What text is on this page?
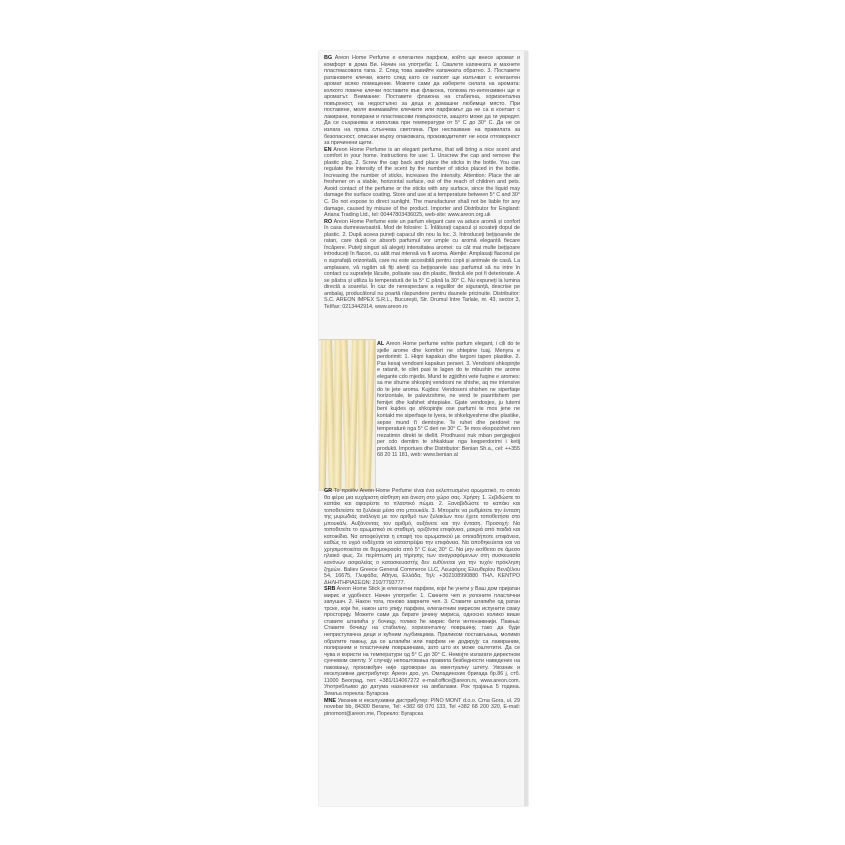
BG Areon Home Perfume е елегантен парфюм, който ще внесе аромат и комфорт в дома Ви. Начин на употреба: 1. Свалете капачката и махнете пластмасовата тапа. 2. След това завийте капачката обратно. 3. Поставете ратановите клечки, които след като се напоят ще излъчват с елегантен аромат всяко помещение. Можете сами да изберете силата на аромата: колкото повече клечки поставите във флакона, толкова по-интензивен ще е ароматът. Внимание: Поставете флакона на стабилна, хоризонтална повърхност, на недостъпно за деца и домашни любимци място. При поставяне, моля внимавайте клечките или парфюмът да не са в контакт с лакирани, полирани и пластмасови повърхности, защото може да ги увредят. Да се съхранява и използва при температури от 5° С до 30° С. Да не се излага на пряка слънчева светлина. При неспазване на правилата за безопасност, описани върху опаковката, производителят не носи отговорност за причинени щети.

EN Areon Home Perfume is an elegant perfume, that will bring a nice scent and comfort in your home. Instructions for use: 1. Unscrew the cap and remove the plastic plug. 2. Screw the cap back and place the sticks in the bottle. You can regulate the intensity of the scent by the number of sticks placed in the bottle. Increasing the number of sticks, increases the intensity. Attention: Place the air freshener on a stable, horizontal surface, out of the reach of children and pets. Avoid contact of the perfume or the sticks with any surface, since the liquid may damage the surface coating. Store and use at a temperature between 5° C and 30° C. Do not expose to direct sunlight. The manufacturer shall not be liable for any damage, caused by misuse of the product. Importer and Distributor for England: Ariana Trading Ltd., tel: 00447803436025, web-site: www.areon.org.uk

RO Areon Home Perfume este un parfum elegant care va aduce aromă și confort în casa dumneavoastră. Mod de folosire: 1. Înlăturați capacul și scoateți dopul de plastic. 2. După aceea puneți capacul din nou la loc. 3. Introduceți bețișoarele de ratan, care după ce absorb parfumul vor umple cu aromă elegantă fiecare încăpere. Puteți singuri să alegeți intensitatea aromei: cu cât mai multe bețișoare introduceți în flacon, cu atât mai intensă va fi aroma. Atenție: Amplasați flaconul pe o suprafață orizontală, care nu este accesibilă pentru copii și animale de casă. La amplasare, vă rugăm să fiți atenți ca bețișoarele sau parfumul să nu intre în contact cu suprafețe lăcuite, polisate sau din plastic, fiindcă ele pot fi deteriorate. A se păstra și utiliza la temperatură de la 5° C până la 30° C. Nu expuneți la lumina directă a soarelui. În caz de nerespectare a regulilor de siguranță, descrise pe ambalaj, producătorul nu poartă răspundere pentru daunele pricinuite. Distribuitor: S.C. AREON IMPEX S.R.L., București, Str. Drumul între Tarlale, nr. 43, sector 3, Tel/fax: 0213442914, www.areon.ro

AL Areon Home perfume eshte parfum elegant, i cili do te sjelle arome dhe komfort ne shtepine tuaj. Menyra e perdorimit: 1. Hiqni kapakun dhe largoni tapen plastike. 2. Pas kesaj vendosni kapakun perseri. 3. Vendosni shkopinjte e ratanit, te cilet pasi te lagen do te mbushin me arome elegante cdo mjedis. Mund te zgjidhni vete fuqine e aromes: sa me shume shkopinj vendosni ne shishe, aq me intensive do te jete aroma. Kujdes: Vendoseni shishen ne siperfaqe horizontale, te palevizshme, ne vend te paarritshem per femijet dhe kafshet shtepiake. Gjate vendosjes, ju lutemi beni kujdes qe shkopinjte ose parfumi te mos jene ne kontakt me siperfaqe te lyera, te shkelqyeshme dhe plastike, sepse mund t'i demtojne. Te ruhet dhe perdoret ne temperaturë nga 5° C deri ne 30° C. Te mos ekspozohet nen rrezatimin direkt te diellit. Prodhuesi nuk mban pergjegjesi per cdo demtim te shkaktuar nga keqperdorimi i ketij produkti. Importues dhe Distributor: Benian Sh.a., cel: ++355 68 20 11 181, web: www.benian.al

GR Το προϊόν Areon Home Perfume είναι ένα εκλεπτυσμένο αρωματικό, το οποίο θα φέρει μια ευχάριστη αίσθηση και άνεση στο χώρο σας. Χρήση: 1. Ξεβιδώστε το καπάκι και αφαιρέστε το πλαστικό πώμα. 2. Ξαναβιδώστε το καπάκι και τοποθετείστε τα ξυλάκια μέσα στο μπουκάλι. 3. Μπορείτε να ρυθμίσετε την ένταση της μυρωδιάς ανάλογα με τον αριθμό των ξυλακίων που έχετε τοποθετήσει στο μπουκάλι. Αυξάνοντας τον αριθμό, αυξάνετε και την ένταση. Προσοχή: Να τοποθετείτε το αρωματικό σε σταθερή, οριζόντια επιφάνεια, μακριά από παιδιά και κατοικίδια. Να αποφεύγεται η επαφή του αρωματικού με οποιαδήποτε επιφάνεια, καθώς το υγρό ενδέχεται να καταστρέψει την επιφάνεια. Να αποθηκεύεται και να χρησιμοποιείται σε θερμοκρασία από 5° C έως 30° C. Να μην εκτίθεται σε άμεσο ηλιακό φως. Σε περίπτωση μη τήρησης των αναγραφόμενων στη συσκευασία κανόνων ασφαλείας ο κατασκευαστής δεν ευθύνεται για την τυχόν πρόκληση ζημιών. Baliev Greece General Commerce LLC, Λεωφόρος Ελευθερίου Βενιζέλου 54, 16675, Γλυφάδα, Αθήνα, Ελλάδα, Τηλ: +302108990880 ΤΗΛ. ΚΕΝΤΡΟ ΔΗΛΗΤΗΡΙΑΣΕΩΝ: 210/7793777.

SRB Areon Home Stick је елегантни парфем, који ће унети у Ваш дом пријатан мирис и удобност. Начин употребе: 1. Скините чеп и уклоните пластични запушач. 2. Након тога, поново заврните чеп. 3. Ставите штапиће од ратан трске, који ће, након што упију парфем, елегантним мирисом испунити сваку просторију. Можете сами да бирате јачину мириса, односно колико више ставите штапића у бочицу, толико ће мирис бити интензивнији. Пажња: Ставите бочицу на стабилну, хоризонталну површину, тако да буде неприступачна деци и кућним љубимцима. Приликом постављања, молимо обратите пажњу, да се штапићи или парфем не додирују са лакираним, полираним и пластичним површинама, зато што их може оштетити. Да се чува и користи на температури од 5° С до 30° С. Немојте излагати директном сунчевом светлу. У случају непоштовања правила безбедности наведених на паковању, произвођач није одговоран за евентуалну штету. Увозник и ексклузивни дистрибутер: Ареон доо, ул. Омладинских бригада бр.86 ј, стб. 11000 Београд, тел: +381/114067272 e-mail:office@areon.rs, www.areon.com. Употребљиво до датума назначеног на амбалажи. Рок трајања 5 година. Земља порекла: Бугарска

MNE Увозник и ексклузивни дистрибутер: PINO MONT d.o.o. Crna Gora, ul. 29 novebar bb, 84300 Berane, Tel: +382 68 070 133, Tel +382 68 200 320, E-mail: pinomont@areon.me, Порекло: Бугарска
